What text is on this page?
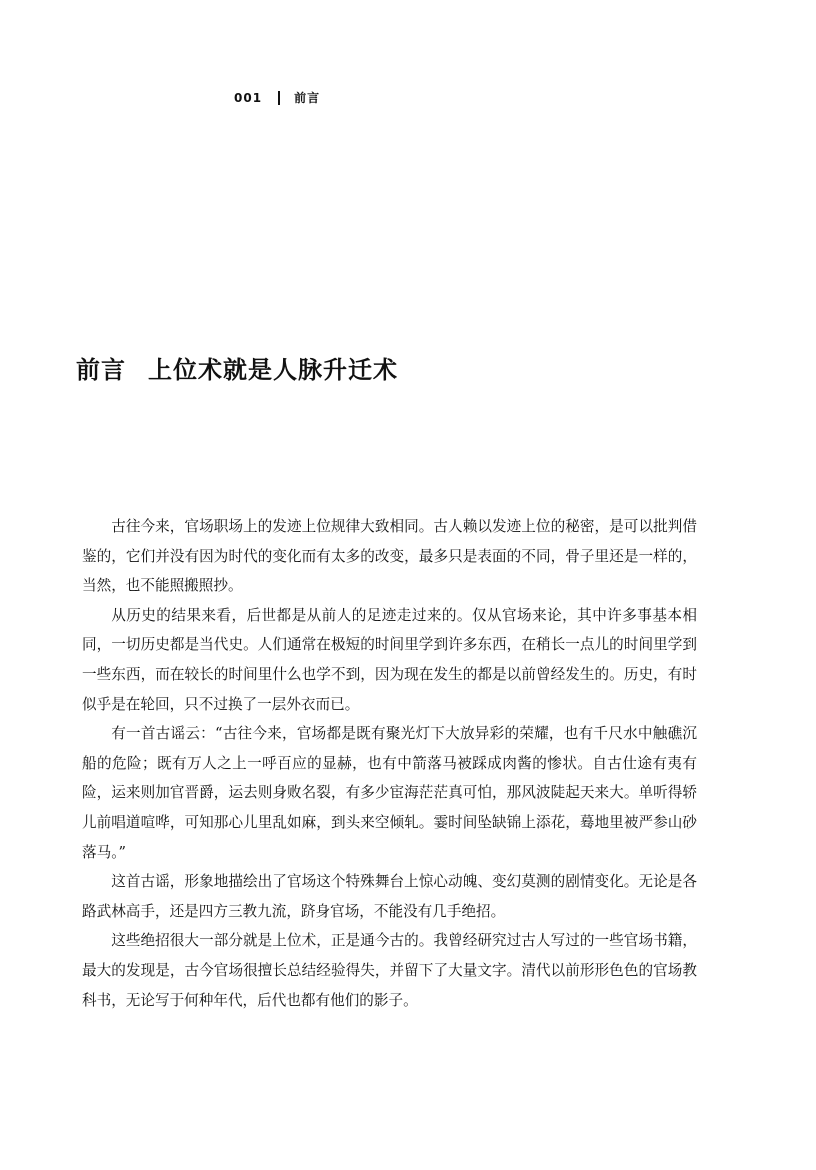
001	前言
前言 上位术就是人脉升迁术

古往今来，官场职场上的发迹上位规律大致相同。古人赖以发迹上位的秘密，是可以批判借鉴的，它们并没有因为时代的变化而有太多的改变，最多只是表面的不同，骨子里还是一样的，当然，也不能照搬照抄。

从历史的结果来看，后世都是从前人的足迹走过来的。仅从官场来论，其中许多事基本相同，一切历史都是当代史。人们通常在极短的时间里学到许多东西，在稍长一点儿的时间里学到一些东西，而在较长的时间里什么也学不到，因为现在发生的都是以前曾经发生的。历史，有时似乎是在轮回，只不过换了一层外衣而已。

有一首古谣云：“古往今来，官场都是既有聚光灯下大放异彩的荣耀，也有千尺水中触礁沉船的危险；既有万人之上一呼百应的显赫，也有中箭落马被踩成肉酱的惨状。自古仕途有夷有险，运来则加官晋爵，运去则身败名裂，有多少宦海茫茫真可怕，那风波陡起天来大。单听得轿儿前唱道喧哗，可知那心儿里乱如麻，到头来空倾轧。霎时间坠缺锦上添花，蓦地里被严参山砂落马。”

这首古谣，形象地描绘出了官场这个特殊舞台上惊心动魄、变幻莫测的剧情变化。无论是各路武林高手，还是四方三教九流，跻身官场，不能没有几手绝招。

这些绝招很大一部分就是上位术，正是通今古的。我曾经研究过古人写过的一些官场书籍，最大的发现是，古今官场很擅长总结经验得失，并留下了大量文字。清代以前形形色色的官场教科书，无论写于何种年代，后代也都有他们的影子。
